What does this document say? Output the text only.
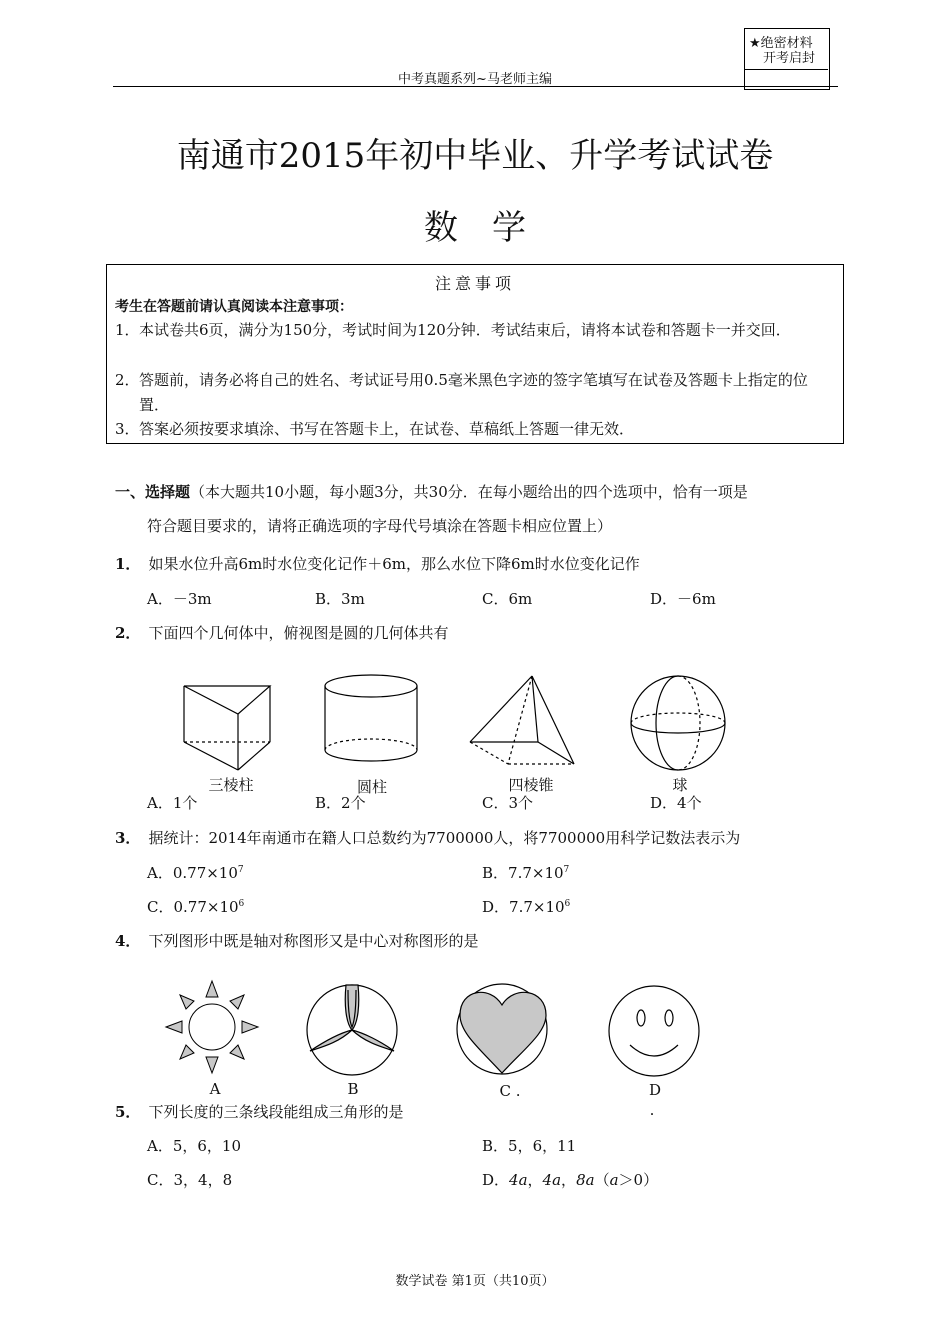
中考真题系列~马老师主编
★绝密材料
开考启封
南通市2015年初中毕业、升学考试试卷
数学
注意事项
考生在答题前请认真阅读本注意事项：
1． 本试卷共6页，满分为150分，考试时间为120分钟．考试结束后，请将本试卷和答题卡一并交回．
2． 答题前，请务必将自己的姓名、考试证号用0.5毫米黑色字迹的签字笔填写在试卷及答题卡上指定的位置．
3． 答案必须按要求填涂、书写在答题卡上，在试卷、草稿纸上答题一律无效．
一、选择题（本大题共10小题，每小题3分，共30分．在每小题给出的四个选项中，恰有一项是
符合题目要求的，请将正确选项的字母代号填涂在答题卡相应位置上）
1． 如果水位升高6m时水位变化记作＋6m，那么水位下降6m时水位变化记作
A．－3m	B．3m	C．6m	D．－6m
2． 下面四个几何体中，俯视图是圆的几何体共有
三棱柱	圆柱	四棱锥	球
A．1个	B．2个	C．3个	D．4个
3． 据统计：2014年南通市在籍人口总数约为7700000人，将7700000用科学记数法表示为
A．$0.77\times 10^7$	B．$7.7\times 10^7$
C．$0.77\times 10^6$	D．$7.7\times 10^6$
4． 下列图形中既是轴对称图形又是中心对称图形的是
A	B	C .	D
.
5． 下列长度的三条线段能组成三角形的是
A．5，6，10	B．5，6，11
C．3，4，8	D．4a，4a，8a（a＞0）
数学试卷 第1页（共10页）
